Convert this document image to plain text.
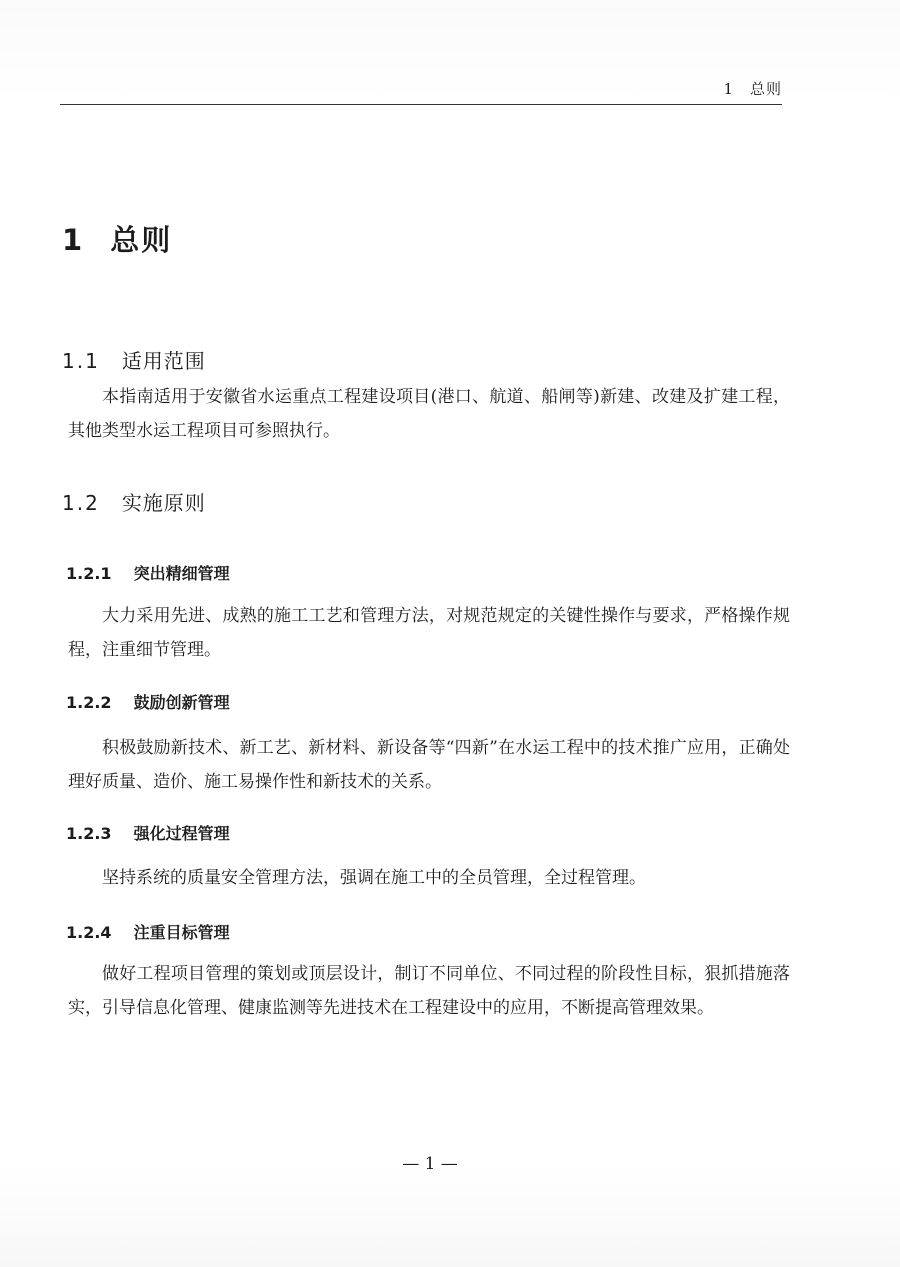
1　总则
1 总则
1.1 适用范围

本指南适用于安徽省水运重点工程建设项目(港口、航道、船闸等)新建、改建及扩建工程，其他类型水运工程项目可参照执行。

1.2 实施原则
1.2.1 突出精细管理

大力采用先进、成熟的施工工艺和管理方法，对规范规定的关键性操作与要求，严格操作规程，注重细节管理。

1.2.2 鼓励创新管理

积极鼓励新技术、新工艺、新材料、新设备等“四新”在水运工程中的技术推广应用，正确处理好质量、造价、施工易操作性和新技术的关系。

1.2.3 强化过程管理

坚持系统的质量安全管理方法，强调在施工中的全员管理，全过程管理。

1.2.4 注重目标管理

做好工程项目管理的策划或顶层设计，制订不同单位、不同过程的阶段性目标，狠抓措施落实，引导信息化管理、健康监测等先进技术在工程建设中的应用，不断提高管理效果。

— 1 —
